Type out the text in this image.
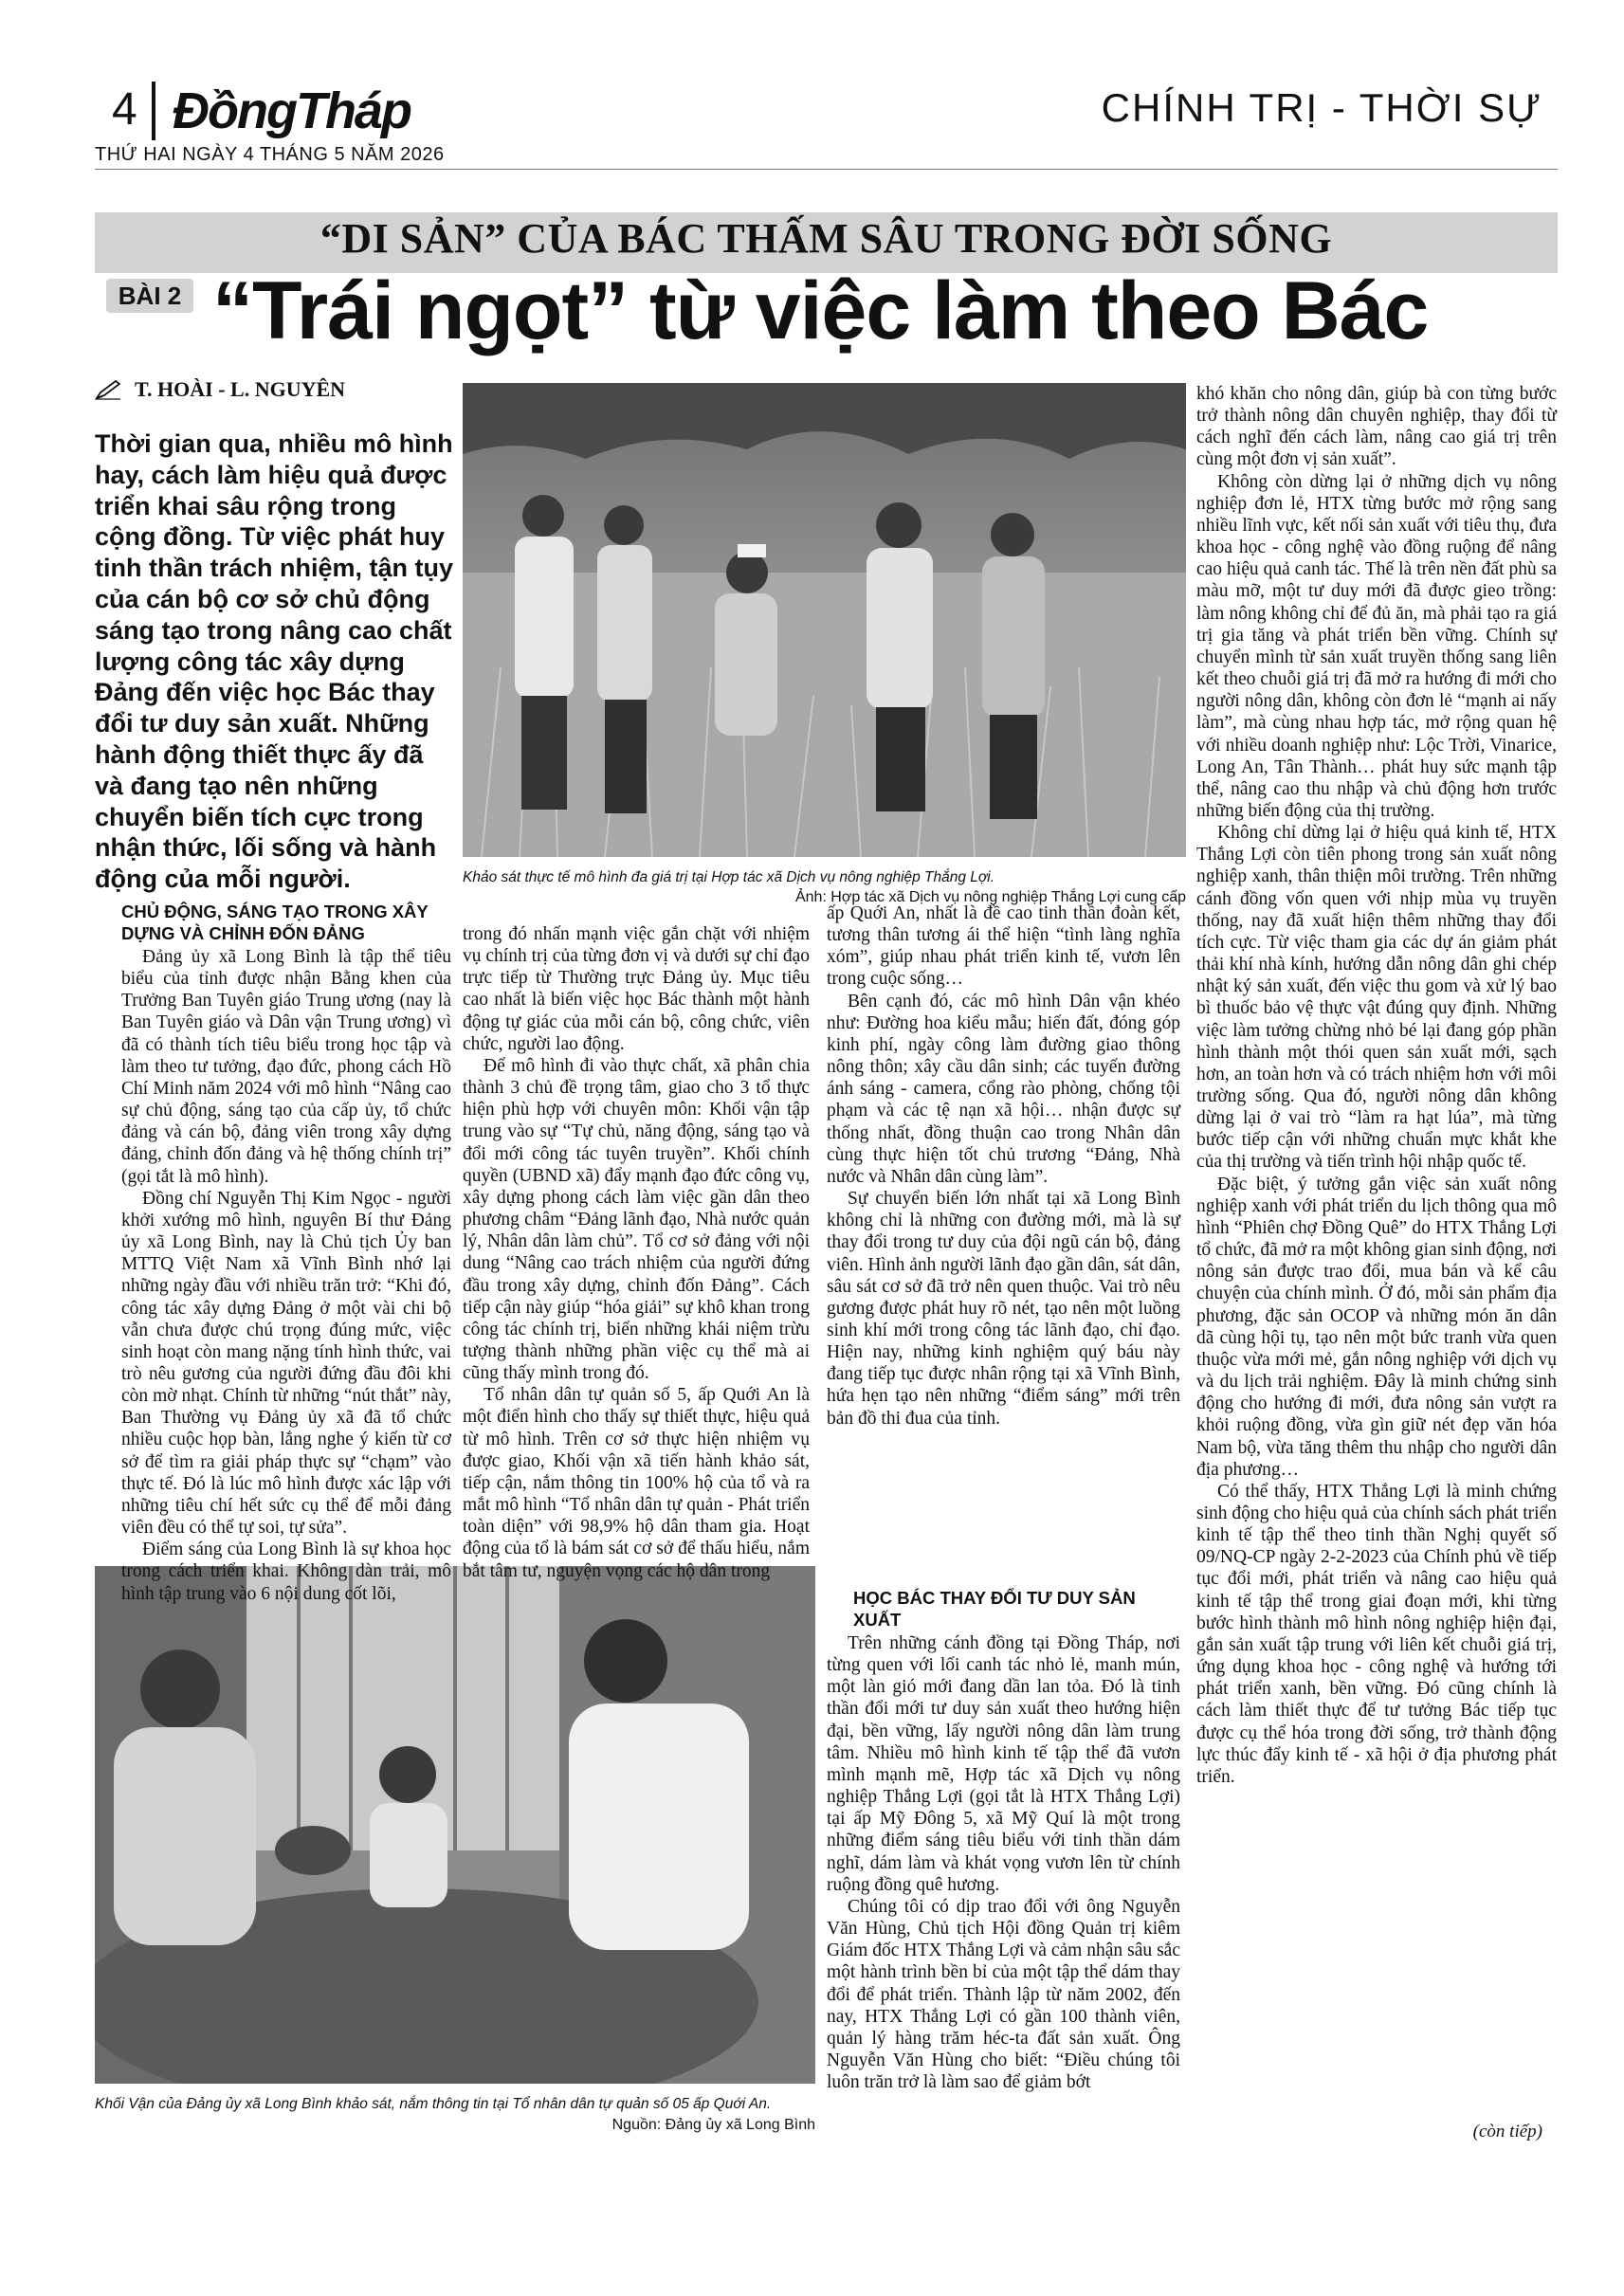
4 ĐồngTháp	CHÍNH TRỊ - THỜI SỰ
THỨ HAI NGÀY 4 THÁNG 5 NĂM 2026
“DI SẢN” CỦA BÁC THẤM SÂU TRONG ĐỜI SỐNG
BÀI 2 “Trái ngọt” từ việc làm theo Bác
T. HOÀI - L. NGUYÊN
Thời gian qua, nhiều mô hình hay, cách làm hiệu quả được triển khai sâu rộng trong cộng đồng. Từ việc phát huy tinh thần trách nhiệm, tận tụy của cán bộ cơ sở chủ động sáng tạo trong nâng cao chất lượng công tác xây dựng Đảng đến việc học Bác thay đổi tư duy sản xuất. Những hành động thiết thực ấy đã và đang tạo nên những chuyển biến tích cực trong nhận thức, lối sống và hành động của mỗi người.	Khảo sát thực tế mô hình đa giá trị tại Hợp tác xã Dịch vụ nông nghiệp Thắng Lợi.
Ảnh: Hợp tác xã Dịch vụ nông nghiệp Thắng Lợi cung cấp
Khối Vận của Đảng ủy xã Long Bình khảo sát, nắm thông tin tại Tổ nhân dân tự quản số 05 ấp Quới An.
Nguồn: Đảng ủy xã Long Bình
CHỦ ĐỘNG, SÁNG TẠO TRONG XÂY DỰNG VÀ CHỈNH ĐỐN ĐẢNG

Đảng ủy xã Long Bình là tập thể tiêu biểu của tỉnh được nhận Bằng khen của Trưởng Ban Tuyên giáo Trung ương (nay là Ban Tuyên giáo và Dân vận Trung ương) vì đã có thành tích tiêu biểu trong học tập và làm theo tư tưởng, đạo đức, phong cách Hồ Chí Minh năm 2024 với mô hình “Nâng cao sự chủ động, sáng tạo của cấp ủy, tổ chức đảng và cán bộ, đảng viên trong xây dựng đảng, chỉnh đốn đảng và hệ thống chính trị” (gọi tắt là mô hình).

Đồng chí Nguyễn Thị Kim Ngọc - người khởi xướng mô hình, nguyên Bí thư Đảng ủy xã Long Bình, nay là Chủ tịch Ủy ban MTTQ Việt Nam xã Vĩnh Bình nhớ lại những ngày đầu với nhiều trăn trở: “Khi đó, công tác xây dựng Đảng ở một vài chi bộ vẫn chưa được chú trọng đúng mức, việc sinh hoạt còn mang nặng tính hình thức, vai trò nêu gương của người đứng đầu đôi khi còn mờ nhạt. Chính từ những “nút thắt” này, Ban Thường vụ Đảng ủy xã đã tổ chức nhiều cuộc họp bàn, lắng nghe ý kiến từ cơ sở để tìm ra giải pháp thực sự “chạm” vào thực tế. Đó là lúc mô hình được xác lập với những tiêu chí hết sức cụ thể để mỗi đảng viên đều có thể tự soi, tự sửa”.

Điểm sáng của Long Bình là sự khoa học trong cách triển khai. Không dàn trải, mô hình tập trung vào 6 nội dung cốt lõi,

trong đó nhấn mạnh việc gắn chặt với nhiệm vụ chính trị của từng đơn vị và dưới sự chỉ đạo trực tiếp từ Thường trực Đảng ủy. Mục tiêu cao nhất là biến việc học Bác thành một hành động tự giác của mỗi cán bộ, công chức, viên chức, người lao động.

Để mô hình đi vào thực chất, xã phân chia thành 3 chủ đề trọng tâm, giao cho 3 tổ thực hiện phù hợp với chuyên môn: Khối vận tập trung vào sự “Tự chủ, năng động, sáng tạo và đổi mới công tác tuyên truyền”. Khối chính quyền (UBND xã) đẩy mạnh đạo đức công vụ, xây dựng phong cách làm việc gần dân theo phương châm “Đảng lãnh đạo, Nhà nước quản lý, Nhân dân làm chủ”. Tổ cơ sở đảng với nội dung “Nâng cao trách nhiệm của người đứng đầu trong xây dựng, chỉnh đốn Đảng”. Cách tiếp cận này giúp “hóa giải” sự khô khan trong công tác chính trị, biến những khái niệm trừu tượng thành những phần việc cụ thể mà ai cũng thấy mình trong đó.

Tổ nhân dân tự quản số 5, ấp Quới An là một điển hình cho thấy sự thiết thực, hiệu quả từ mô hình. Trên cơ sở thực hiện nhiệm vụ được giao, Khối vận xã tiến hành khảo sát, tiếp cận, nắm thông tin 100% hộ của tổ và ra mắt mô hình “Tổ nhân dân tự quản - Phát triển toàn diện” với 98,9% hộ dân tham gia. Hoạt động của tổ là bám sát cơ sở để thấu hiểu, nắm bắt tâm tư, nguyện vọng các hộ dân trong

ấp Quới An, nhất là đề cao tinh thần đoàn kết, tương thân tương ái thể hiện “tình làng nghĩa xóm”, giúp nhau phát triển kinh tế, vươn lên trong cuộc sống…

Bên cạnh đó, các mô hình Dân vận khéo như: Đường hoa kiểu mẫu; hiến đất, đóng góp kinh phí, ngày công làm đường giao thông nông thôn; xây cầu dân sinh; các tuyến đường ánh sáng - camera, cổng rào phòng, chống tội phạm và các tệ nạn xã hội… nhận được sự thống nhất, đồng thuận cao trong Nhân dân cùng thực hiện tốt chủ trương “Đảng, Nhà nước và Nhân dân cùng làm”.

Sự chuyển biến lớn nhất tại xã Long Bình không chỉ là những con đường mới, mà là sự thay đổi trong tư duy của đội ngũ cán bộ, đảng viên. Hình ảnh người lãnh đạo gần dân, sát dân, sâu sát cơ sở đã trở nên quen thuộc. Vai trò nêu gương được phát huy rõ nét, tạo nên một luồng sinh khí mới trong công tác lãnh đạo, chỉ đạo. Hiện nay, những kinh nghiệm quý báu này đang tiếp tục được nhân rộng tại xã Vĩnh Bình, hứa hẹn tạo nên những “điểm sáng” mới trên bản đồ thi đua của tỉnh.

HỌC BÁC THAY ĐỔI TƯ DUY SẢN XUẤT

Trên những cánh đồng tại Đồng Tháp, nơi từng quen với lối canh tác nhỏ lẻ, manh mún, một làn gió mới đang dần lan tỏa. Đó là tinh thần đổi mới tư duy sản xuất theo hướng hiện đại, bền vững, lấy người nông dân làm trung tâm. Nhiều mô hình kinh tế tập thể đã vươn mình mạnh mẽ, Hợp tác xã Dịch vụ nông nghiệp Thắng Lợi (gọi tắt là HTX Thắng Lợi) tại ấp Mỹ Đông 5, xã Mỹ Quí là một trong những điểm sáng tiêu biểu với tinh thần dám nghĩ, dám làm và khát vọng vươn lên từ chính ruộng đồng quê hương.

Chúng tôi có dịp trao đổi với ông Nguyễn Văn Hùng, Chủ tịch Hội đồng Quản trị kiêm Giám đốc HTX Thắng Lợi và cảm nhận sâu sắc một hành trình bền bỉ của một tập thể dám thay đổi để phát triển. Thành lập từ năm 2002, đến nay, HTX Thắng Lợi có gần 100 thành viên, quản lý hàng trăm héc-ta đất sản xuất. Ông Nguyễn Văn Hùng cho biết: “Điều chúng tôi luôn trăn trở là làm sao để giảm bớt

khó khăn cho nông dân, giúp bà con từng bước trở thành nông dân chuyên nghiệp, thay đổi từ cách nghĩ đến cách làm, nâng cao giá trị trên cùng một đơn vị sản xuất”.

Không còn dừng lại ở những dịch vụ nông nghiệp đơn lẻ, HTX từng bước mở rộng sang nhiều lĩnh vực, kết nối sản xuất với tiêu thụ, đưa khoa học - công nghệ vào đồng ruộng để nâng cao hiệu quả canh tác. Thế là trên nền đất phù sa màu mỡ, một tư duy mới đã được gieo trồng: làm nông không chỉ để đủ ăn, mà phải tạo ra giá trị gia tăng và phát triển bền vững. Chính sự chuyển mình từ sản xuất truyền thống sang liên kết theo chuỗi giá trị đã mở ra hướng đi mới cho người nông dân, không còn đơn lẻ “mạnh ai nấy làm”, mà cùng nhau hợp tác, mở rộng quan hệ với nhiều doanh nghiệp như: Lộc Trời, Vinarice, Long An, Tân Thành… phát huy sức mạnh tập thể, nâng cao thu nhập và chủ động hơn trước những biến động của thị trường.

Không chỉ dừng lại ở hiệu quả kinh tế, HTX Thắng Lợi còn tiên phong trong sản xuất nông nghiệp xanh, thân thiện môi trường. Trên những cánh đồng vốn quen với nhịp mùa vụ truyền thống, nay đã xuất hiện thêm những thay đổi tích cực. Từ việc tham gia các dự án giảm phát thải khí nhà kính, hướng dẫn nông dân ghi chép nhật ký sản xuất, đến việc thu gom và xử lý bao bì thuốc bảo vệ thực vật đúng quy định. Những việc làm tưởng chừng nhỏ bé lại đang góp phần hình thành một thói quen sản xuất mới, sạch hơn, an toàn hơn và có trách nhiệm hơn với môi trường sống. Qua đó, người nông dân không dừng lại ở vai trò “làm ra hạt lúa”, mà từng bước tiếp cận với những chuẩn mực khắt khe của thị trường và tiến trình hội nhập quốc tế.

Đặc biệt, ý tưởng gắn việc sản xuất nông nghiệp xanh với phát triển du lịch thông qua mô hình “Phiên chợ Đồng Quê” do HTX Thắng Lợi tổ chức, đã mở ra một không gian sinh động, nơi nông sản được trao đổi, mua bán và kể câu chuyện của chính mình. Ở đó, mỗi sản phẩm địa phương, đặc sản OCOP và những món ăn dân dã cùng hội tụ, tạo nên một bức tranh vừa quen thuộc vừa mới mẻ, gắn nông nghiệp với dịch vụ và du lịch trải nghiệm. Đây là minh chứng sinh động cho hướng đi mới, đưa nông sản vượt ra khỏi ruộng đồng, vừa gìn giữ nét đẹp văn hóa Nam bộ, vừa tăng thêm thu nhập cho người dân địa phương…

Có thể thấy, HTX Thắng Lợi là minh chứng sinh động cho hiệu quả của chính sách phát triển kinh tế tập thể theo tinh thần Nghị quyết số 09/NQ-CP ngày 2-2-2023 của Chính phủ về tiếp tục đổi mới, phát triển và nâng cao hiệu quả kinh tế tập thể trong giai đoạn mới, khi từng bước hình thành mô hình nông nghiệp hiện đại, gắn sản xuất tập trung với liên kết chuỗi giá trị, ứng dụng khoa học - công nghệ và hướng tới phát triển xanh, bền vững. Đó cũng chính là cách làm thiết thực để tư tưởng Bác tiếp tục được cụ thể hóa trong đời sống, trở thành động lực thúc đẩy kinh tế - xã hội ở địa phương phát triển.

(còn tiếp)
